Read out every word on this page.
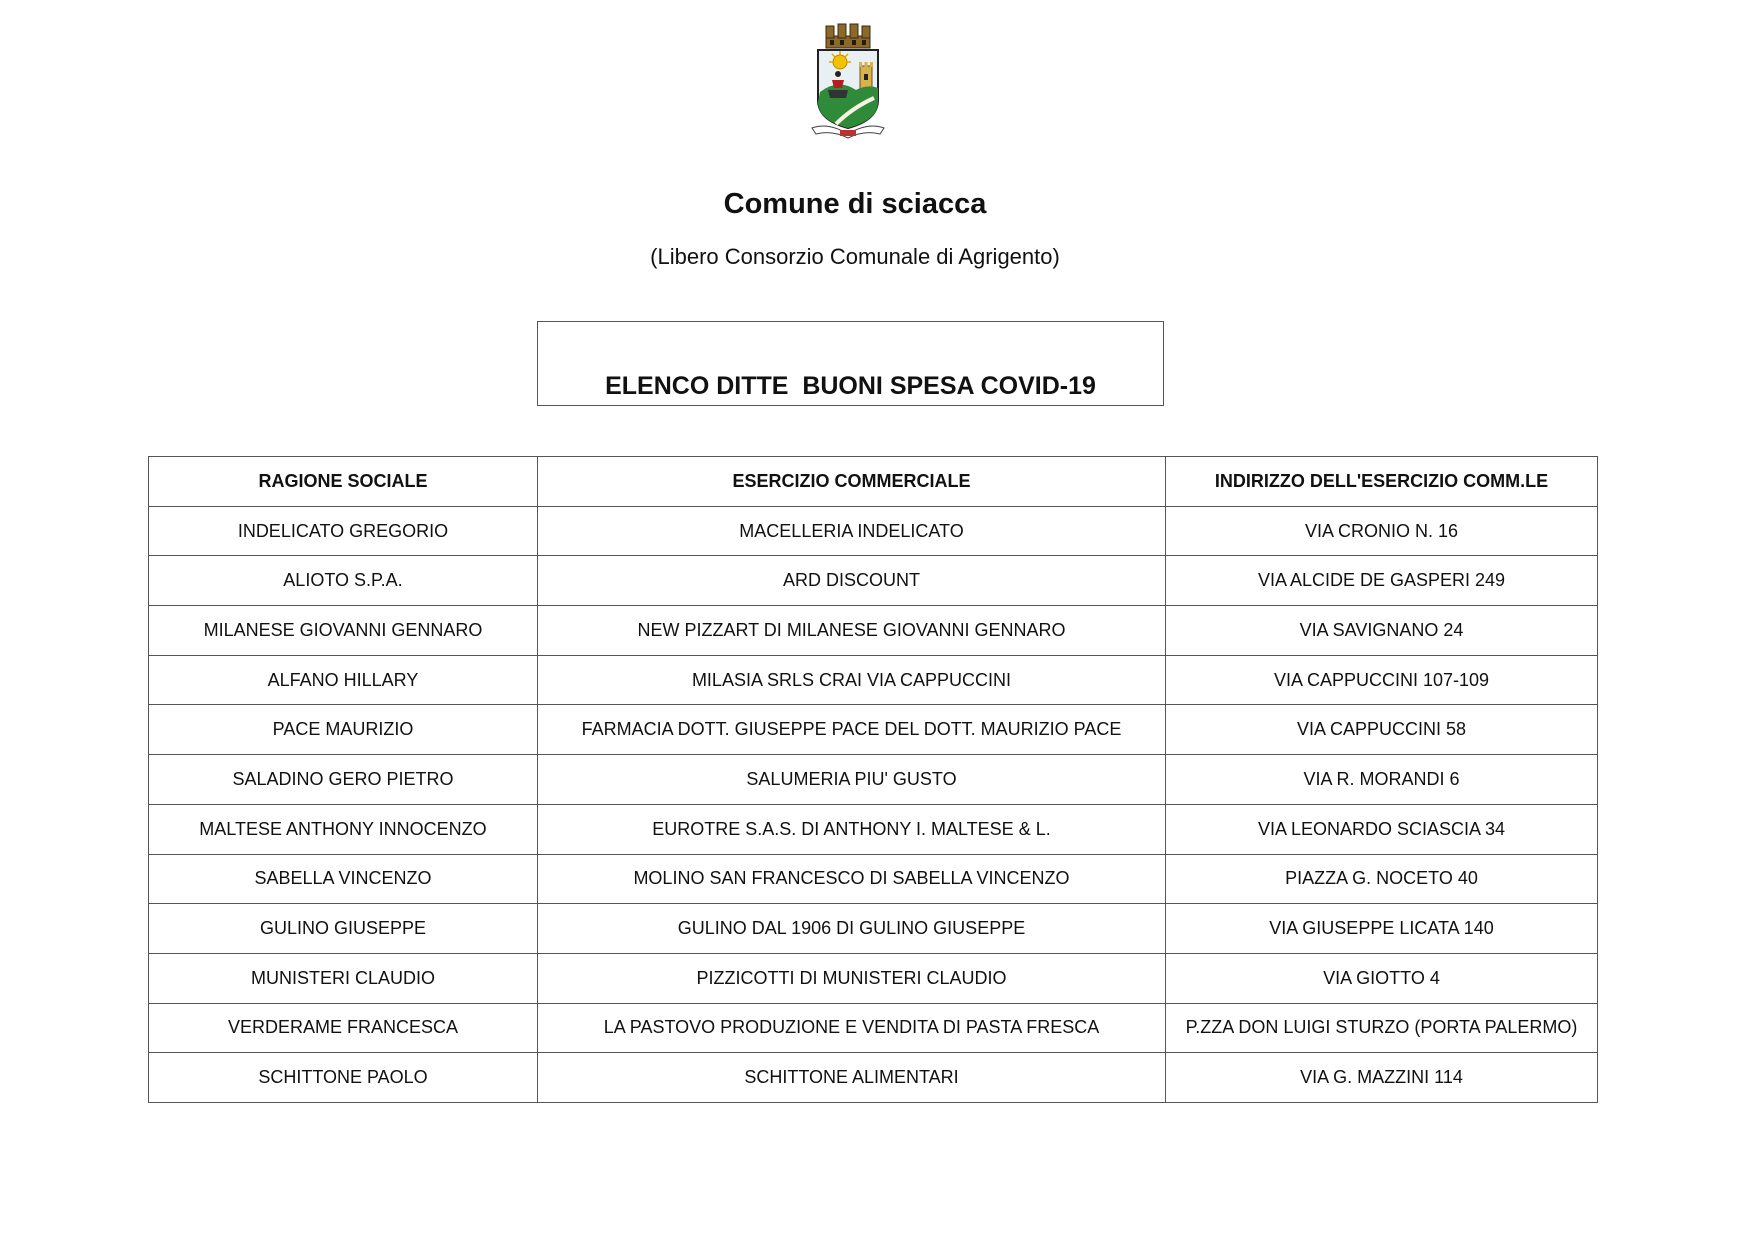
Comune di sciacca
(Libero Consorzio Comunale di Agrigento)
ELENCO DITTE  BUONI SPESA COVID-19
RAGIONE SOCIALE	ESERCIZIO COMMERCIALE	INDIRIZZO DELL'ESERCIZIO COMM.LE
INDELICATO GREGORIO	MACELLERIA INDELICATO	VIA CRONIO N. 16
ALIOTO S.P.A.	ARD DISCOUNT	VIA ALCIDE DE GASPERI 249
MILANESE GIOVANNI GENNARO	NEW PIZZART DI MILANESE GIOVANNI GENNARO	VIA SAVIGNANO 24
ALFANO HILLARY	MILASIA SRLS CRAI VIA CAPPUCCINI	VIA CAPPUCCINI 107-109
PACE MAURIZIO	FARMACIA DOTT. GIUSEPPE PACE DEL DOTT. MAURIZIO PACE	VIA CAPPUCCINI 58
SALADINO GERO PIETRO	SALUMERIA PIU' GUSTO	VIA R. MORANDI 6
MALTESE ANTHONY INNOCENZO	EUROTRE S.A.S. DI ANTHONY I. MALTESE & L.	VIA LEONARDO SCIASCIA 34
SABELLA VINCENZO	MOLINO SAN FRANCESCO DI SABELLA VINCENZO	PIAZZA G. NOCETO 40
GULINO GIUSEPPE	GULINO DAL 1906 DI GULINO GIUSEPPE	VIA GIUSEPPE LICATA 140
MUNISTERI CLAUDIO	PIZZICOTTI DI MUNISTERI CLAUDIO	VIA GIOTTO 4
VERDERAME FRANCESCA	LA PASTOVO PRODUZIONE E VENDITA DI PASTA FRESCA	P.ZZA DON LUIGI STURZO (PORTA PALERMO)
SCHITTONE PAOLO	SCHITTONE ALIMENTARI	VIA G. MAZZINI 114
